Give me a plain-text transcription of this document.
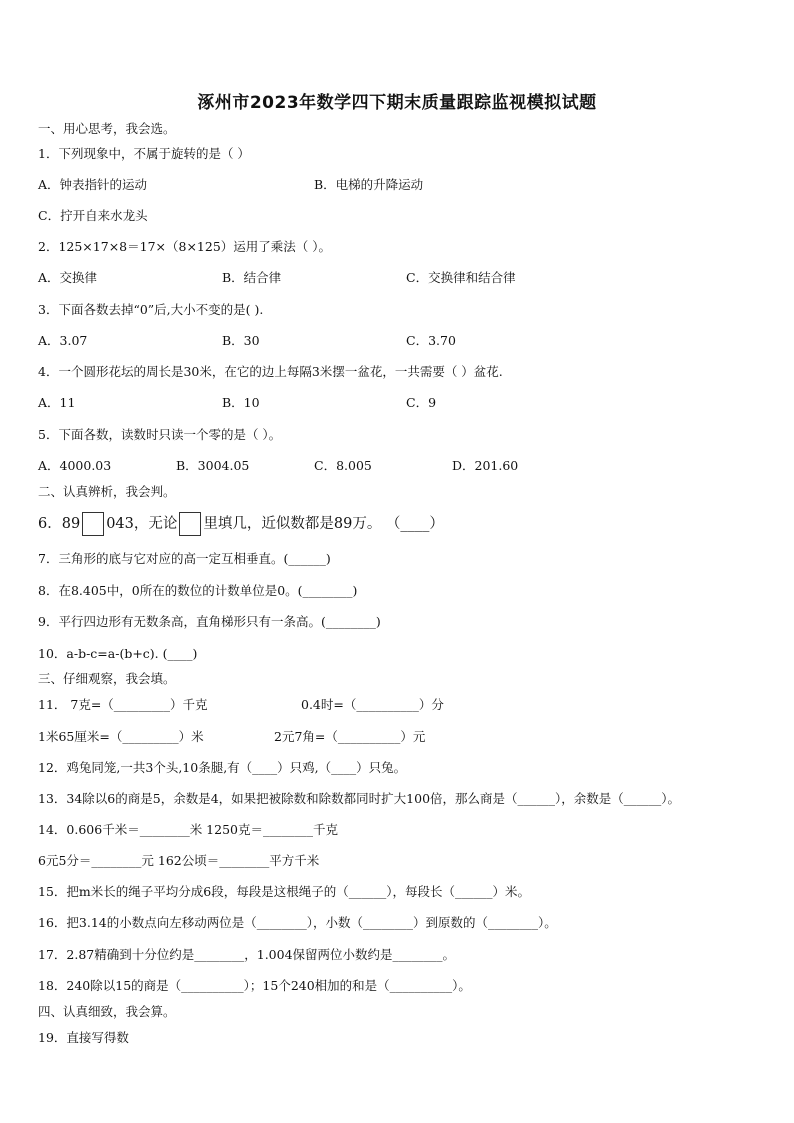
涿州市2023年数学四下期末质量跟踪监视模拟试题
一、用心思考，我会选。
1．下列现象中，不属于旋转的是（ ）
A．钟表指针的运动	B．电梯的升降运动
C．拧开自来水龙头
2．125×17×8＝17×（8×125）运用了乘法（ ）。
A．交换律	B．结合律	C．交换律和结合律
3．下面各数去掉“0”后,大小不变的是( ).
A．3.07	B．30	C．3.70
4．一个圆形花坛的周长是30米，在它的边上每隔3米摆一盆花，一共需要（ ）盆花.
A．11	B．10	C．9
5．下面各数，读数时只读一个零的是（ ）。
A．4000.03	B．3004.05	C．8.005	D．201.60
二、认真辨析，我会判。
6．89 043，无论 里填几，近似数都是89万。 （____）
7．三角形的底与它对应的高一定互相垂直。(______)
8．在8.405中，0所在的数位的计数单位是0。(________)
9．平行四边形有无数条高，直角梯形只有一条高。(________)
10．a-b-c=a-(b+c). (____)
三、仔细观察，我会填。
11． 7克=（_________）千克	0.4时=（__________）分
1米65厘米=（_________）米	2元7角=（__________）元
12．鸡兔同笼,一共3个头,10条腿,有（____）只鸡,（____）只兔。
13．34除以6的商是5，余数是4，如果把被除数和除数都同时扩大100倍，那么商是（______），余数是（______）。
14．0.606千米＝________米 1250克＝________千克
6元5分＝________元 162公顷＝________平方千米
15．把m米长的绳子平均分成6段，每段是这根绳子的（______），每段长（______）米。
16．把3.14的小数点向左移动两位是（________），小数（________）到原数的（________）。
17．2.87精确到十分位约是________，1.004保留两位小数约是________。
18．240除以15的商是（__________）；15个240相加的和是（__________）。
四、认真细致，我会算。
19．直接写得数
